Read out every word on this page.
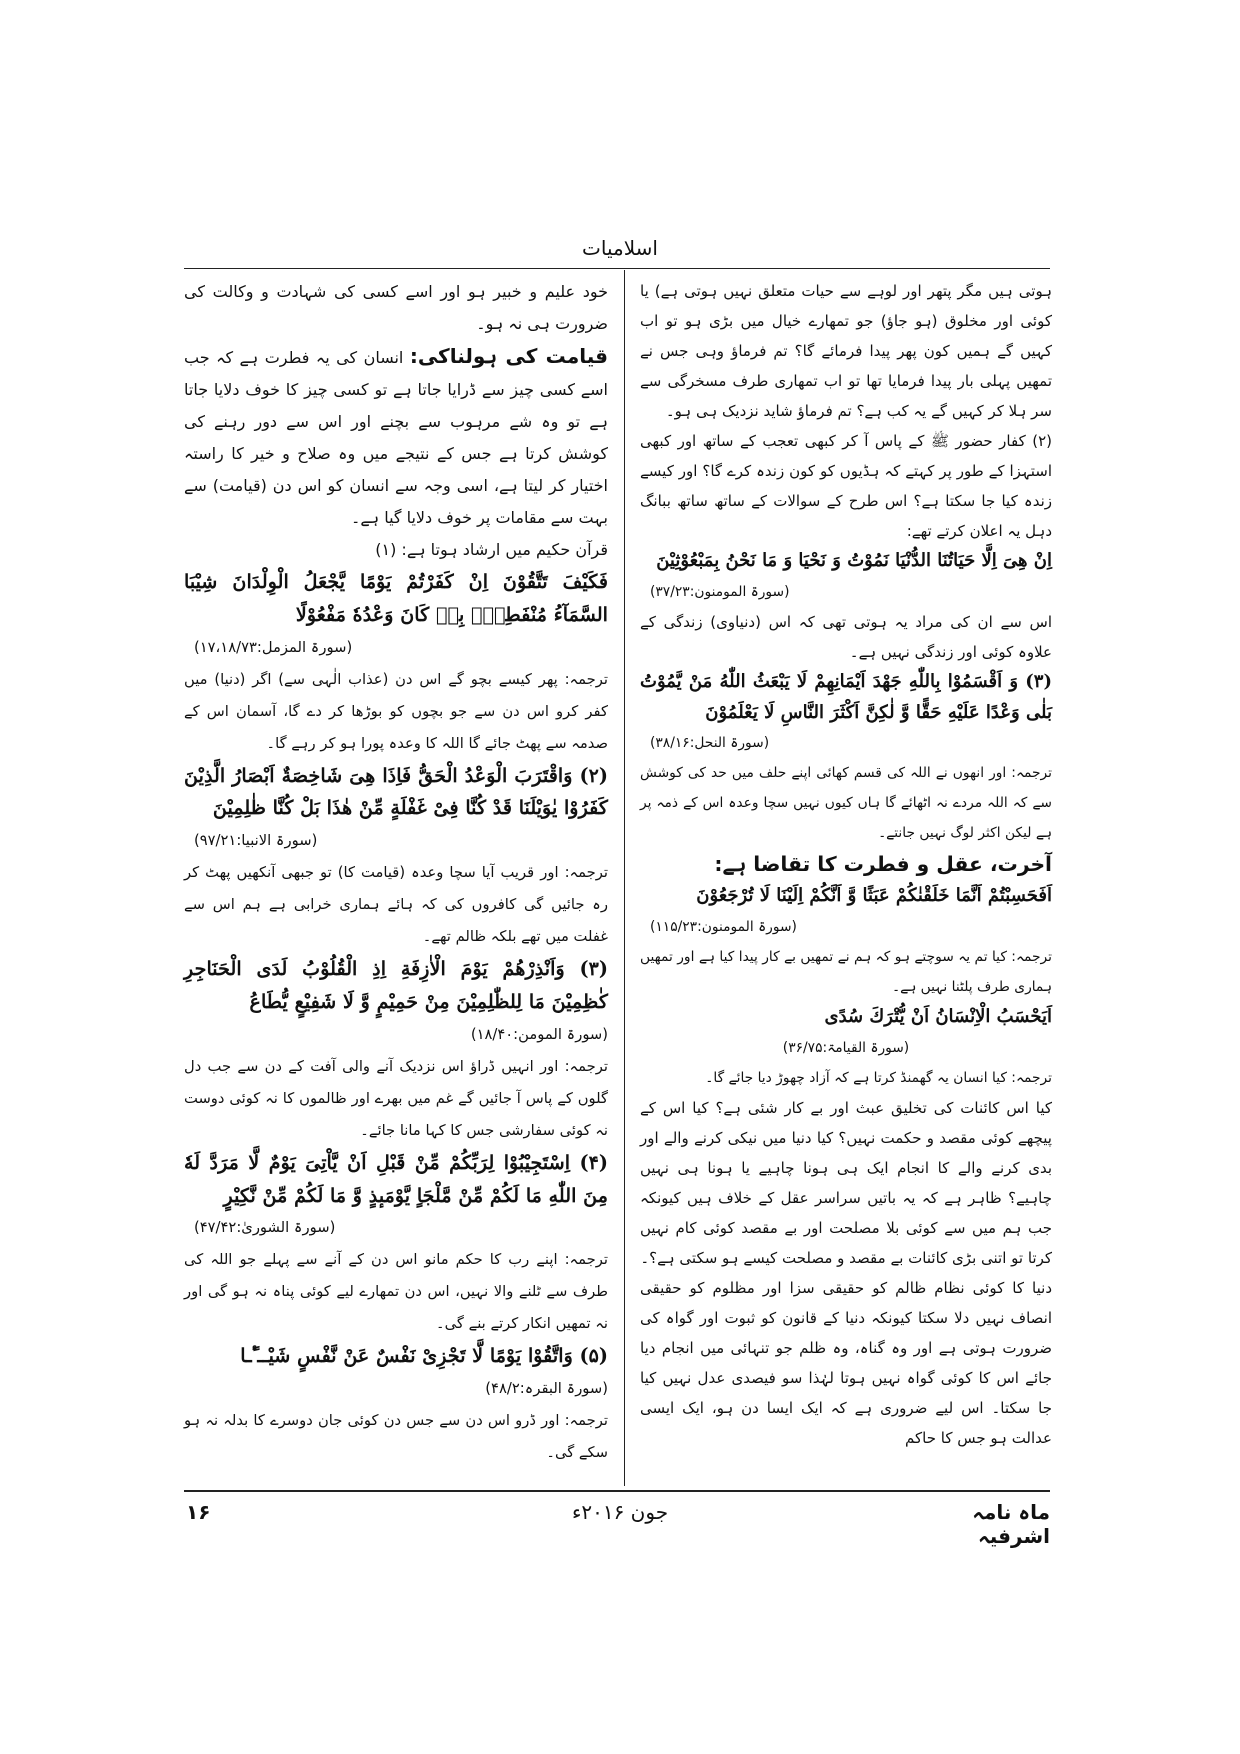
اسلامیات

ہوتی ہیں مگر پتھر اور لوہے سے حیات متعلق نہیں ہوتی ہے) یا کوئی اور مخلوق (ہو جاؤ) جو تمھارے خیال میں بڑی ہو تو اب کہیں گے ہمیں کون پھر پیدا فرمائے گا؟ تم فرماؤ وہی جس نے تمھیں پہلی بار پیدا فرمایا تھا تو اب تمھاری طرف مسخرگی سے سر ہلا کر کہیں گے یہ کب ہے؟ تم فرماؤ شاید نزدیک ہی ہو۔

(۲) کفار حضور ﷺ کے پاس آ کر کبھی تعجب کے ساتھ اور کبھی استہزا کے طور پر کہتے کہ ہڈیوں کو کون زندہ کرے گا؟ اور کیسے زندہ کیا جا سکتا ہے؟ اس طرح کے سوالات کے ساتھ ساتھ ببانگ دہل یہ اعلان کرتے تھے:

اِنْ هِیَ اِلَّا حَیَاتُنَا الدُّنْیَا نَمُوْتُ وَ نَحْیَا وَ مَا نَحْنُ بِمَبْعُوْثِیْنَ

(سورۃ المومنون:۳۷/۲۳)

اس سے ان کی مراد یہ ہوتی تھی کہ اس (دنیاوی) زندگی کے علاوہ کوئی اور زندگی نہیں ہے۔

(۳) وَ اَقْسَمُوْا بِاللّٰهِ جَهْدَ اَیْمَانِهِمْ لَا یَبْعَثُ اللّٰهُ مَنْ یَّمُوْتُ بَلٰی وَعْدًا عَلَیْهِ حَقًّا وَّ لٰكِنَّ اَكْثَرَ النَّاسِ لَا یَعْلَمُوْنَ

(سورۃ النحل:۳۸/۱۶)

ترجمہ: اور انھوں نے اللہ کی قسم کھائی اپنے حلف میں حد کی کوشش سے کہ اللہ مردے نہ اٹھائے گا ہاں کیوں نہیں سچا وعدہ اس کے ذمہ پر ہے لیکن اکثر لوگ نہیں جانتے۔

آخرت، عقل و فطرت کا تقاضا ہے:

اَفَحَسِبْتُمْ اَنَّمَا خَلَقْنٰكُمْ عَبَثًا وَّ اَنَّكُمْ اِلَیْنَا لَا تُرْجَعُوْنَ

(سورۃ المومنون:۱۱۵/۲۳)

ترجمہ: کیا تم یہ سوچتے ہو کہ ہم نے تمھیں بے کار پیدا کیا ہے اور تمھیں ہماری طرف پلٹنا نہیں ہے۔

اَیَحْسَبُ الْاِنْسَانُ اَنْ یُّتْرَكَ سُدًى

(سورۃ القیامۃ:۳۶/۷۵)

ترجمہ: کیا انسان یہ گھمنڈ کرتا ہے کہ آزاد چھوڑ دیا جائے گا۔

کیا اس کائنات کی تخلیق عبث اور بے کار شئی ہے؟ کیا اس کے پیچھے کوئی مقصد و حکمت نہیں؟ کیا دنیا میں نیکی کرنے والے اور بدی کرنے والے کا انجام ایک ہی ہونا چاہیے یا ہونا ہی نہیں چاہیے؟ ظاہر ہے کہ یہ باتیں سراسر عقل کے خلاف ہیں کیونکہ جب ہم میں سے کوئی بلا مصلحت اور بے مقصد کوئی کام نہیں کرتا تو اتنی بڑی کائنات بے مقصد و مصلحت کیسے ہو سکتی ہے؟۔

دنیا کا کوئی نظام ظالم کو حقیقی سزا اور مظلوم کو حقیقی انصاف نہیں دلا سکتا کیونکہ دنیا کے قانون کو ثبوت اور گواہ کی ضرورت ہوتی ہے اور وہ گناہ، وہ ظلم جو تنہائی میں انجام دیا جائے اس کا کوئی گواہ نہیں ہوتا لہٰذا سو فیصدی عدل نہیں کیا جا سکتا۔ اس لیے ضروری ہے کہ ایک ایسا دن ہو، ایک ایسی عدالت ہو جس کا حاکم

خود علیم و خبیر ہو اور اسے کسی کی شہادت و وکالت کی ضرورت ہی نہ ہو۔

قیامت کی ہولناکی: انسان کی یہ فطرت ہے کہ جب اسے کسی چیز سے ڈرایا جاتا ہے تو کسی چیز کا خوف دلایا جاتا ہے تو وہ شے مرہوب سے بچنے اور اس سے دور رہنے کی کوشش کرتا ہے جس کے نتیجے میں وہ صلاح و خیر کا راستہ اختیار کر لیتا ہے، اسی وجہ سے انسان کو اس دن (قیامت) سے بہت سے مقامات پر خوف دلایا گیا ہے۔

قرآن حکیم میں ارشاد ہوتا ہے: (۱)

فَكَیْفَ تَتَّقُوْنَ اِنْ كَفَرْتُمْ یَوْمًا یَّجْعَلُ الْوِلْدَانَ شِیْبَا السَّمَآءُ مُنْفَطِرٌۢ بِهٖ كَانَ وَعْدُهٗ مَفْعُوْلًا

(سورۃ المزمل:۱۷،۱۸/۷۳)

ترجمہ: پھر کیسے بچو گے اس دن (عذاب الٰہی سے) اگر (دنیا) میں کفر کرو اس دن سے جو بچوں کو بوڑھا کر دے گا، آسمان اس کے صدمہ سے پھٹ جائے گا اللہ کا وعدہ پورا ہو کر رہے گا۔

(۲) وَاقْتَرَبَ الْوَعْدُ الْحَقُّ فَاِذَا هِیَ شَاخِصَةٌ اَبْصَارُ الَّذِیْنَ كَفَرُوْا یٰوَیْلَنَا قَدْ كُنَّا فِیْ غَفْلَةٍ مِّنْ هٰذَا بَلْ كُنَّا ظٰلِمِیْنَ

(سورۃ الانبیا:۹۷/۲۱)

ترجمہ: اور قریب آیا سچا وعدہ (قیامت کا) تو جبھی آنکھیں پھٹ کر رہ جائیں گی کافروں کی کہ ہائے ہماری خرابی ہے ہم اس سے غفلت میں تھے بلکہ ظالم تھے۔

(۳) وَاَنْذِرْهُمْ یَوْمَ الْاٰزِفَةِ اِذِ الْقُلُوْبُ لَدَى الْحَنَاجِرِ كٰظِمِیْنَ مَا لِلظّٰلِمِیْنَ مِنْ حَمِیْمٍ وَّ لَا شَفِیْعٍ یُّطَاعُ

(سورۃ المومن:۱۸/۴۰)

ترجمہ: اور انہیں ڈراؤ اس نزدیک آنے والی آفت کے دن سے جب دل گلوں کے پاس آ جائیں گے غم میں بھرے اور ظالموں کا نہ کوئی دوست نہ کوئی سفارشی جس کا کہا مانا جائے۔

(۴) اِسْتَجِیْبُوْا لِرَبِّكُمْ مِّنْ قَبْلِ اَنْ یَّاْتِیَ یَوْمٌ لَّا مَرَدَّ لَهٗ مِنَ اللّٰهِ مَا لَكُمْ مِّنْ مَّلْجَاٍ یَّوْمَىٕذٍ وَّ مَا لَكُمْ مِّنْ نَّكِیْرٍ

(سورۃ الشوریٰ:۴۷/۴۲)

ترجمہ: اپنے رب کا حکم مانو اس دن کے آنے سے پہلے جو اللہ کی طرف سے ٹلنے والا نہیں، اس دن تمھارے لیے کوئی پناہ نہ ہو گی اور نہ تمھیں انکار کرتے بنے گی۔

(۵) وَاتَّقُوْا یَوْمًا لَّا تَجْزِیْ نَفْسٌ عَنْ نَّفْسٍ شَیْــٴًـا

(سورۃ البقرہ:۴۸/۲)

ترجمہ: اور ڈرو اس دن سے جس دن کوئی جان دوسرے کا بدلہ نہ ہو سکے گی۔

ماہ نامہ اشرفیہ
جون ۲۰۱۶ء
۱۶
